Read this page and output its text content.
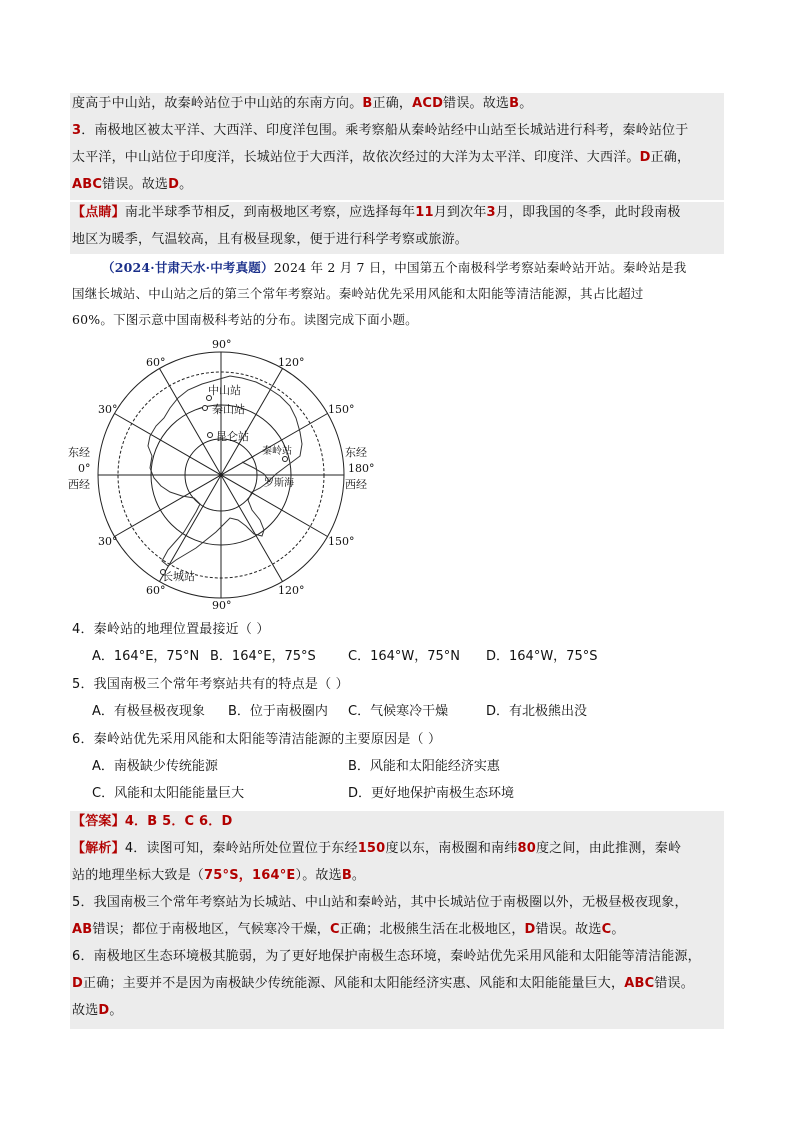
度高于中山站，故秦岭站位于中山站的东南方向。B正确，ACD错误。故选B。
3．南极地区被太平洋、大西洋、印度洋包围。乘考察船从秦岭站经中山站至长城站进行科考，秦岭站位于
太平洋，中山站位于印度洋，长城站位于大西洋，故依次经过的大洋为太平洋、印度洋、大西洋。D正确，
ABC错误。故选D。
【点睛】南北半球季节相反，到南极地区考察，应选择每年11月到次年3月，即我国的冬季，此时段南极
地区为暖季，气温较高，且有极昼现象，便于进行科学考察或旅游。
（2024·甘肃天水·中考真题）2024 年 2 月 7 日，中国第五个南极科学考察站秦岭站开站。秦岭站是我
国继长城站、中山站之后的第三个常年考察站。秦岭站优先采用风能和太阳能等清洁能源，其占比超过
60%。下图示意中国南极科考站的分布。读图完成下面小题。
90°
90°
60°	120°
30°	150°
东经
0°
西经
东经
180°
西经
30°	150°
60°	120°
中山站
秦山站
昆仑站
秦岭站
罗斯海
长城站
4．秦岭站的地理位置最接近（ ）
A．164°E，75°N B．164°E，75°S C．164°W，75°N D．164°W，75°S
5．我国南极三个常年考察站共有的特点是（ ）
A．有极昼极夜现象 B．位于南极圈内 C．气候寒冷干燥	D．有北极熊出没
6．秦岭站优先采用风能和太阳能等清洁能源的主要原因是（ ）
A．南极缺少传统能源	B．风能和太阳能经济实惠
C．风能和太阳能能量巨大	D．更好地保护南极生态环境
【答案】4．B 5．C 6．D
【解析】4．读图可知，秦岭站所处位置位于东经150度以东，南极圈和南纬80度之间，由此推测，秦岭
站的地理坐标大致是（75°S，164°E）。故选B。
5．我国南极三个常年考察站为长城站、中山站和秦岭站，其中长城站位于南极圈以外，无极昼极夜现象，
AB错误；都位于南极地区，气候寒冷干燥，C正确；北极熊生活在北极地区，D错误。故选C。
6．南极地区生态环境极其脆弱，为了更好地保护南极生态环境，秦岭站优先采用风能和太阳能等清洁能源，
D正确；主要并不是因为南极缺少传统能源、风能和太阳能经济实惠、风能和太阳能能量巨大，ABC错误。
故选D。
